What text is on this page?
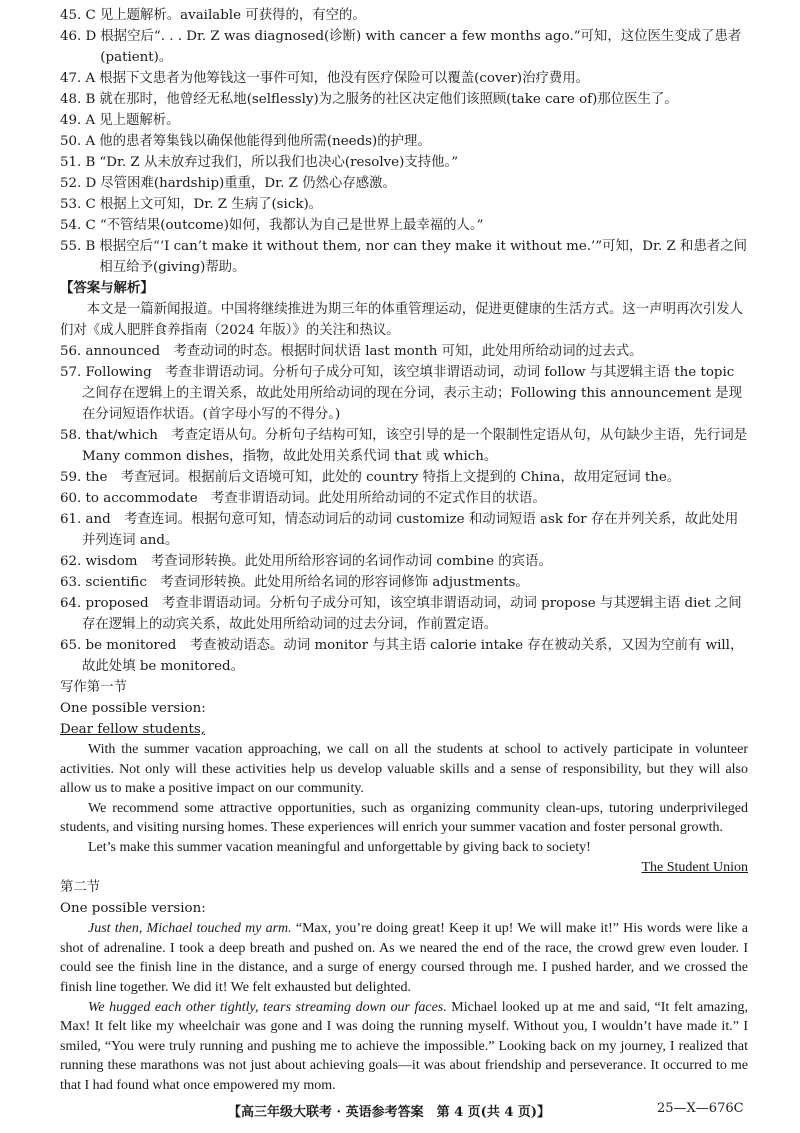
45. C 见上题解析。available 可获得的，有空的。
46. D 根据空后“. . . Dr. Z was diagnosed(诊断) with cancer a few months ago.”可知，这位医生变成了患者(patient)。
47. A 根据下文患者为他筹钱这一事件可知，他没有医疗保险可以覆盖(cover)治疗费用。
48. B 就在那时，他曾经无私地(selflessly)为之服务的社区决定他们该照顾(take care of)那位医生了。
49. A 见上题解析。
50. A 他的患者筹集钱以确保他能得到他所需(needs)的护理。
51. B “Dr. Z 从未放弃过我们，所以我们也决心(resolve)支持他。”
52. D 尽管困难(hardship)重重，Dr. Z 仍然心存感激。
53. C 根据上文可知，Dr. Z 生病了(sick)。
54. C “不管结果(outcome)如何，我都认为自己是世界上最幸福的人。”
55. B 根据空后“‘I can’t make it without them, nor can they make it without me.’”可知，Dr. Z 和患者之间相互给予(giving)帮助。
【答案与解析】
本文是一篇新闻报道。中国将继续推进为期三年的体重管理运动，促进更健康的生活方式。这一声明再次引发人们对《成人肥胖食养指南（2024 年版）》的关注和热议。
56. announced　 考查动词的时态。根据时间状语 last month 可知，此处用所给动词的过去式。
57. Following　 考查非谓语动词。分析句子成分可知，该空填非谓语动词，动词 follow 与其逻辑主语 the topic 之间存在逻辑上的主谓关系，故此处用所给动词的现在分词，表示主动；Following this announcement 是现在分词短语作状语。(首字母小写的不得分。)
58. that/which　 考查定语从句。分析句子结构可知，该空引导的是一个限制性定语从句，从句缺少主语，先行词是 Many common dishes，指物，故此处用关系代词 that 或 which。
59. the　 考查冠词。根据前后文语境可知，此处的 country 特指上文提到的 China，故用定冠词 the。
60. to accommodate　 考查非谓语动词。此处用所给动词的不定式作目的状语。
61. and　 考查连词。根据句意可知，情态动词后的动词 customize 和动词短语 ask for 存在并列关系，故此处用并列连词 and。
62. wisdom　 考查词形转换。此处用所给形容词的名词作动词 combine 的宾语。
63. scientific　 考查词形转换。此处用所给名词的形容词修饰 adjustments。
64. proposed　 考查非谓语动词。分析句子成分可知，该空填非谓语动词，动词 propose 与其逻辑主语 diet 之间存在逻辑上的动宾关系，故此处用所给动词的过去分词，作前置定语。
65. be monitored　 考查被动语态。动词 monitor 与其主语 calorie intake 存在被动关系，又因为空前有 will，故此处填 be monitored。
写作第一节
One possible version:
Dear fellow students,
With the summer vacation approaching, we call on all the students at school to actively participate in volunteer activities. Not only will these activities help us develop valuable skills and a sense of responsibility, but they will also allow us to make a positive impact on our community.
We recommend some attractive opportunities, such as organizing community clean-ups, tutoring underprivileged students, and visiting nursing homes. These experiences will enrich your summer vacation and foster personal growth.
Let’s make this summer vacation meaningful and unforgettable by giving back to society!
The Student Union
第二节
One possible version:
Just then, Michael touched my arm. “Max, you’re doing great! Keep it up! We will make it!” His words were like a shot of adrenaline. I took a deep breath and pushed on. As we neared the end of the race, the crowd grew even louder. I could see the finish line in the distance, and a surge of energy coursed through me. I pushed harder, and we crossed the finish line together. We did it! We felt exhausted but delighted.
We hugged each other tightly, tears streaming down our faces. Michael looked up at me and said, “It felt amazing, Max! It felt like my wheelchair was gone and I was doing the running myself. Without you, I wouldn’t have made it.” I smiled, “You were truly running and pushing me to achieve the impossible.” Looking back on my journey, I realized that running these marathons was not just about achieving goals—it was about friendship and perseverance. It occurred to me that I had found what once empowered my mom.
【高三年级大联考 · 英语参考答案　第 4 页(共 4 页)】	25—X—676C
